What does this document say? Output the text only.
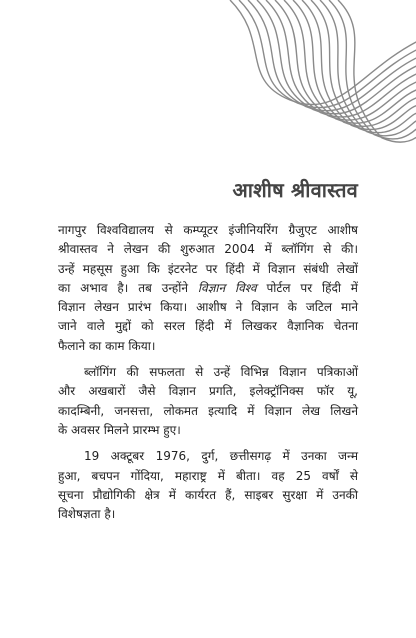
आशीष श्रीवास्तव
नागपुर विश्वविद्यालय से कम्प्यूटर इंजीनियरिंग ग्रैजुएट आशीष
श्रीवास्तव ने लेखन की शुरुआत 2004 में ब्लॉगिंग से की।
उन्हें महसूस हुआ कि इंटरनेट पर हिंदी में विज्ञान संबंधी लेखों
का अभाव है। तब उन्होंने विज्ञान विश्व पोर्टल पर हिंदी में
विज्ञान लेखन प्रारंभ किया। आशीष ने विज्ञान के जटिल माने
जाने वाले मुद्दों को सरल हिंदी में लिखकर वैज्ञानिक चेतना
फैलाने का काम किया।
ब्लॉगिंग की सफलता से उन्हें विभिन्न विज्ञान पत्रिकाओं
और अखबारों जैसे विज्ञान प्रगति, इलेक्ट्रॉनिक्स फॉर यू,
कादम्बिनी, जनसत्ता, लोकमत इत्यादि में विज्ञान लेख लिखने
के अवसर मिलने प्रारम्भ हुए।
19 अक्टूबर 1976, दुर्ग, छत्तीसगढ़ में उनका जन्म
हुआ, बचपन गोंदिया, महाराष्ट्र में बीता। वह 25 वर्षों से
सूचना प्रौद्योगिकी क्षेत्र में कार्यरत हैं, साइबर सुरक्षा में उनकी
विशेषज्ञता है।
